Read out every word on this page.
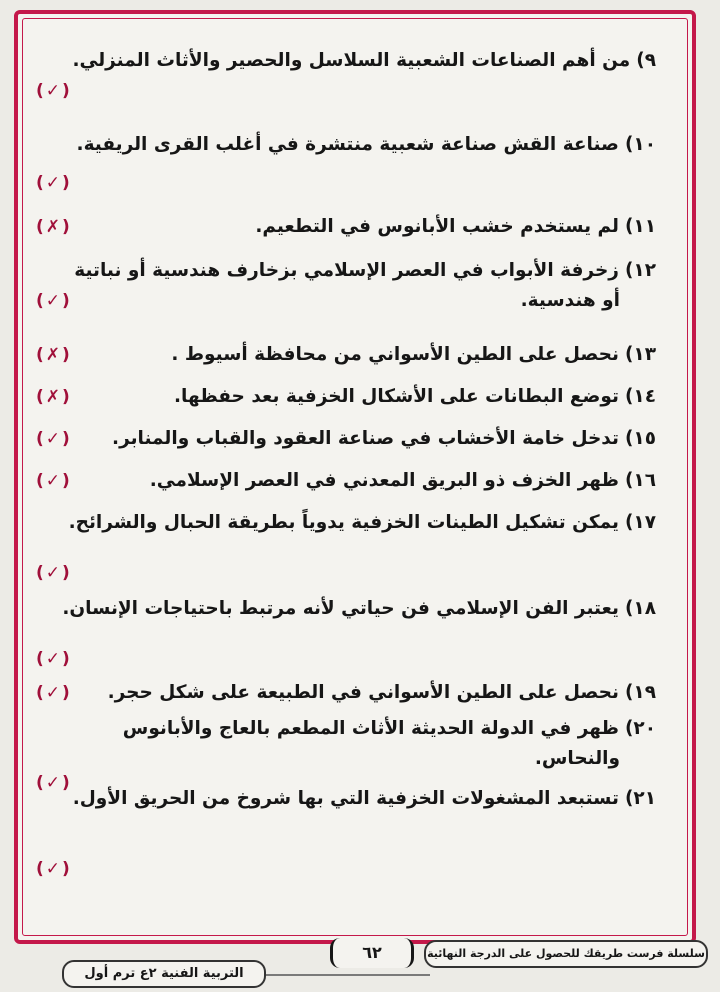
٩)من أهم الصناعات الشعبية السلاسل والحصير والأثاث المنزلي.
( ✓ )
١٠)صناعة القش صناعة شعبية منتشرة في أغلب القرى الريفية.
( ✓ )
١١)لم يستخدم خشب الأبانوس في التطعيم.
( ✗ )
١٢)زخرفة الأبواب في العصر الإسلامي بزخارف هندسية أو نباتية
أو هندسية.
( ✓ )
١٣)نحصل على الطين الأسواني من محافظة أسيوط .
( ✗ )
١٤)توضع البطانات على الأشكال الخزفية بعد حفظها.
( ✗ )
١٥)تدخل خامة الأخشاب في صناعة العقود والقباب والمنابر.
( ✓ )
١٦)ظهر الخزف ذو البريق المعدني في العصر الإسلامي.
( ✓ )
١٧)يمكن تشكيل الطينات الخزفية يدوياً بطريقة الحبال والشرائح.
( ✓ )
١٨)يعتبر الفن الإسلامي فن حياتي لأنه مرتبط باحتياجات الإنسان.
( ✓ )
١٩)نحصل على الطين الأسواني في الطبيعة على شكل حجر.
( ✓ )
٢٠)ظهر في الدولة الحديثة الأثاث المطعم بالعاج والأبانوس
والنحاس.
( ✓ )
٢١)تستبعد المشغولات الخزفية التي بها شروخ من الحريق الأول.
( ✓ )
سلسلة فرست طريقك للحصول على الدرجة النهائية
٦٢
التربية الفنية ٢ع ترم أول
